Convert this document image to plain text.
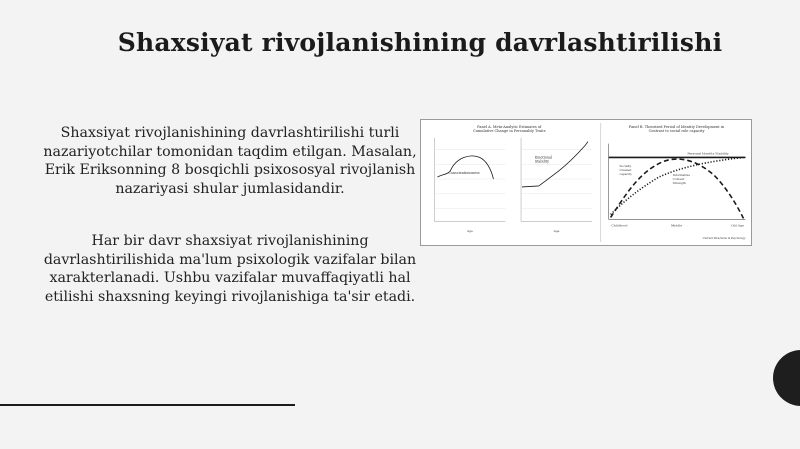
Shaxsiyat rivojlanishining davrlashtirilishi
Shaxsiyat rivojlanishining davrlashtirilishi turli nazariyotchilar tomonidan taqdim etilgan. Masalan, Erik Eriksonning 8 bosqichli psixososyal rivojlanish nazariyasi shular jumlasidandir.
Har bir davr shaxsiyat rivojlanishining davrlashtirilishida ma'lum psixologik vazifalar bilan xarakterlanadi. Ushbu vazifalar muvaffaqiyatli hal etilishi shaxsning keyingi rivojlanishiga ta'sir etadi.
Panel A. Meta-Analytic Estimates of
Cumulative Change in Personality Traits
Conscientiousness
Age
Emotional
Stability
Age
Panel B. Theorized Period of Identity Development in
Contrast to social role capacity
Personal Identity Stability
Socially
Created
capacity	Informative
Context
Strength
Childhood	Middle	Old Age
Current Directions in Psychology
